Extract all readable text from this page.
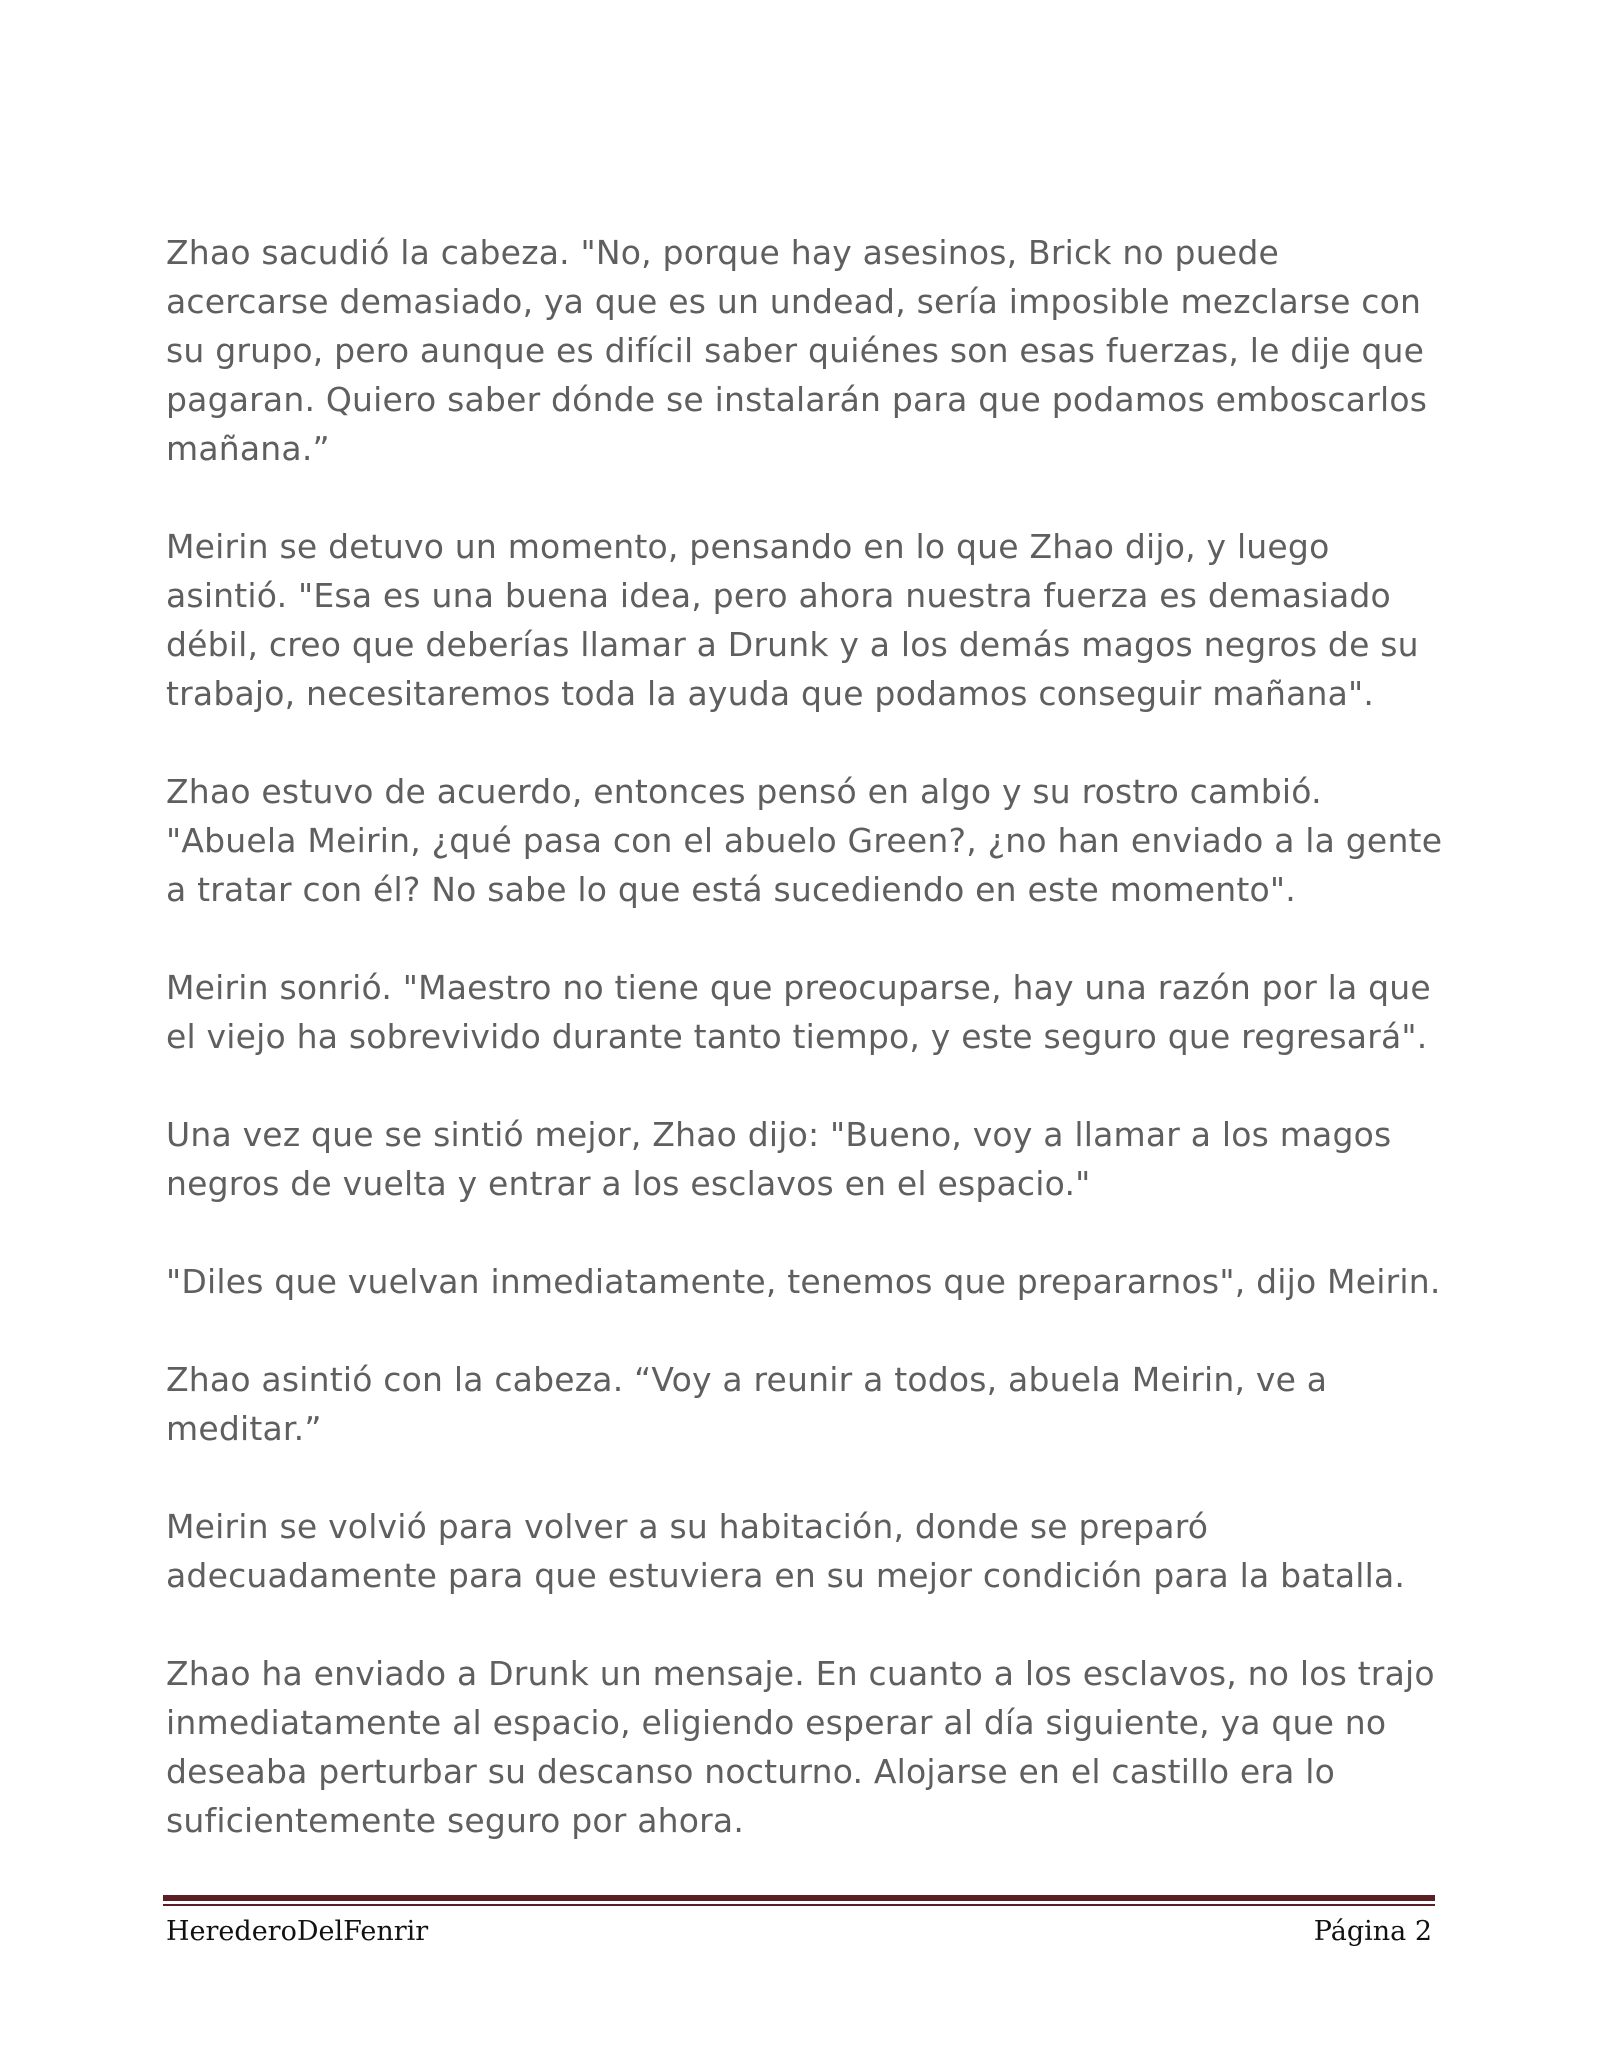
Zhao sacudió la cabeza. "No, porque hay asesinos, Brick no puede acercarse demasiado, ya que es un undead, sería imposible mezclarse con su grupo, pero aunque es difícil saber quiénes son esas fuerzas, le dije que pagaran. Quiero saber dónde se instalarán para que podamos emboscarlos mañana.”

Meirin se detuvo un momento, pensando en lo que Zhao dijo, y luego asintió. "Esa es una buena idea, pero ahora nuestra fuerza es demasiado débil, creo que deberías llamar a Drunk y a los demás magos negros de su trabajo, necesitaremos toda la ayuda que podamos conseguir mañana".

Zhao estuvo de acuerdo, entonces pensó en algo y su rostro cambió. "Abuela Meirin, ¿qué pasa con el abuelo Green?, ¿no han enviado a la gente a tratar con él? No sabe lo que está sucediendo en este momento".

Meirin sonrió. "Maestro no tiene que preocuparse, hay una razón por la que el viejo ha sobrevivido durante tanto tiempo, y este seguro que regresará".

Una vez que se sintió mejor, Zhao dijo: "Bueno, voy a llamar a los magos negros de vuelta y entrar a los esclavos en el espacio."

"Diles que vuelvan inmediatamente, tenemos que prepararnos", dijo Meirin.

Zhao asintió con la cabeza. “Voy a reunir a todos, abuela Meirin, ve a meditar.”

Meirin se volvió para volver a su habitación, donde se preparó adecuadamente para que estuviera en su mejor condición para la batalla.

Zhao ha enviado a Drunk un mensaje. En cuanto a los esclavos, no los trajo inmediatamente al espacio, eligiendo esperar al día siguiente, ya que no deseaba perturbar su descanso nocturno. Alojarse en el castillo era lo suficientemente seguro por ahora.

HerederoDelFenrir	Página 2
